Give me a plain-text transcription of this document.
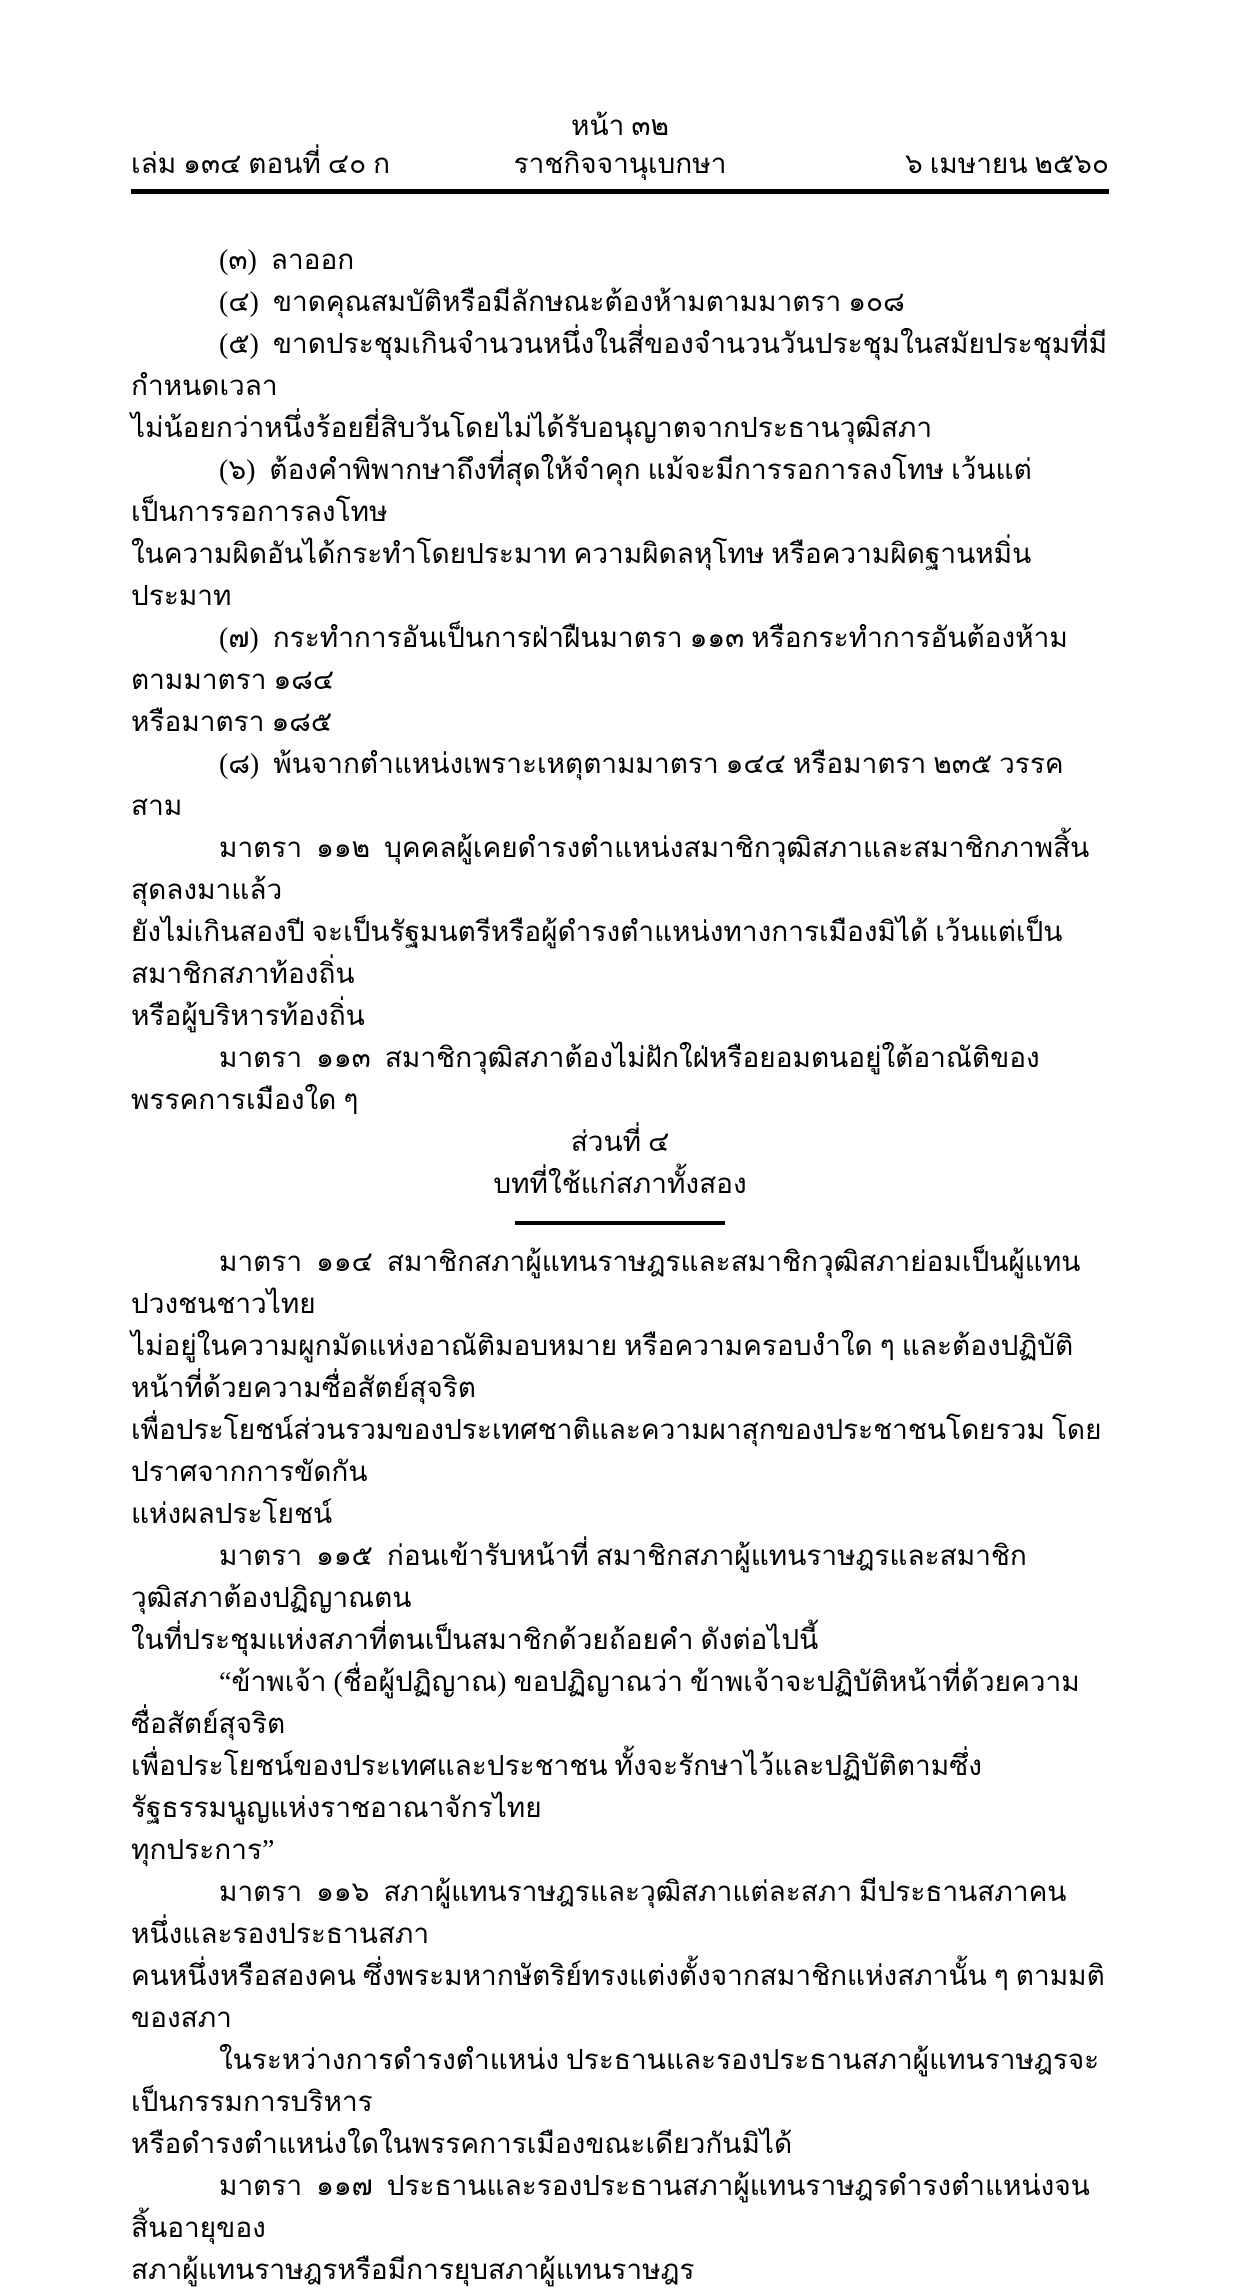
หน้า ๓๒
เล่ม ๑๓๔ ตอนที่ ๔๐ ก	ราชกิจจานุเบกษา	๖ เมษายน ๒๕๖๐
(๓)  ลาออก
(๔)  ขาดคุณสมบัติหรือมีลักษณะต้องห้ามตามมาตรา ๑๐๘
(๕)  ขาดประชุมเกินจำนวนหนึ่งในสี่ของจำนวนวันประชุมในสมัยประชุมที่มีกำหนดเวลา
ไม่น้อยกว่าหนึ่งร้อยยี่สิบวันโดยไม่ได้รับอนุญาตจากประธานวุฒิสภา
(๖)  ต้องคำพิพากษาถึงที่สุดให้จำคุก แม้จะมีการรอการลงโทษ เว้นแต่เป็นการรอการลงโทษ
ในความผิดอันได้กระทำโดยประมาท ความผิดลหุโทษ หรือความผิดฐานหมิ่นประมาท
(๗)  กระทำการอันเป็นการฝ่าฝืนมาตรา ๑๑๓ หรือกระทำการอันต้องห้ามตามมาตรา ๑๘๔
หรือมาตรา ๑๘๕
(๘)  พ้นจากตำแหน่งเพราะเหตุตามมาตรา ๑๔๔ หรือมาตรา ๒๓๕ วรรคสาม
มาตรา  ๑๑๒  บุคคลผู้เคยดำรงตำแหน่งสมาชิกวุฒิสภาและสมาชิกภาพสิ้นสุดลงมาแล้ว
ยังไม่เกินสองปี จะเป็นรัฐมนตรีหรือผู้ดำรงตำแหน่งทางการเมืองมิได้ เว้นแต่เป็นสมาชิกสภาท้องถิ่น
หรือผู้บริหารท้องถิ่น
มาตรา  ๑๑๓  สมาชิกวุฒิสภาต้องไม่ฝักใฝ่หรือยอมตนอยู่ใต้อาณัติของพรรคการเมืองใด ๆ
ส่วนที่ ๔
บทที่ใช้แก่สภาทั้งสอง
มาตรา  ๑๑๔  สมาชิกสภาผู้แทนราษฎรและสมาชิกวุฒิสภาย่อมเป็นผู้แทนปวงชนชาวไทย
ไม่อยู่ในความผูกมัดแห่งอาณัติมอบหมาย หรือความครอบงำใด ๆ และต้องปฏิบัติหน้าที่ด้วยความซื่อสัตย์สุจริต
เพื่อประโยชน์ส่วนรวมของประเทศชาติและความผาสุกของประชาชนโดยรวม โดยปราศจากการขัดกัน
แห่งผลประโยชน์
มาตรา  ๑๑๕  ก่อนเข้ารับหน้าที่ สมาชิกสภาผู้แทนราษฎรและสมาชิกวุฒิสภาต้องปฏิญาณตน
ในที่ประชุมแห่งสภาที่ตนเป็นสมาชิกด้วยถ้อยคำ ดังต่อไปนี้
“ข้าพเจ้า (ชื่อผู้ปฏิญาณ) ขอปฏิญาณว่า ข้าพเจ้าจะปฏิบัติหน้าที่ด้วยความซื่อสัตย์สุจริต
เพื่อประโยชน์ของประเทศและประชาชน ทั้งจะรักษาไว้และปฏิบัติตามซึ่งรัฐธรรมนูญแห่งราชอาณาจักรไทย
ทุกประการ”
มาตรา  ๑๑๖  สภาผู้แทนราษฎรและวุฒิสภาแต่ละสภา มีประธานสภาคนหนึ่งและรองประธานสภา
คนหนึ่งหรือสองคน ซึ่งพระมหากษัตริย์ทรงแต่งตั้งจากสมาชิกแห่งสภานั้น ๆ ตามมติของสภา
ในระหว่างการดำรงตำแหน่ง ประธานและรองประธานสภาผู้แทนราษฎรจะเป็นกรรมการบริหาร
หรือดำรงตำแหน่งใดในพรรคการเมืองขณะเดียวกันมิได้
มาตรา  ๑๑๗  ประธานและรองประธานสภาผู้แทนราษฎรดำรงตำแหน่งจนสิ้นอายุของ
สภาผู้แทนราษฎรหรือมีการยุบสภาผู้แทนราษฎร
